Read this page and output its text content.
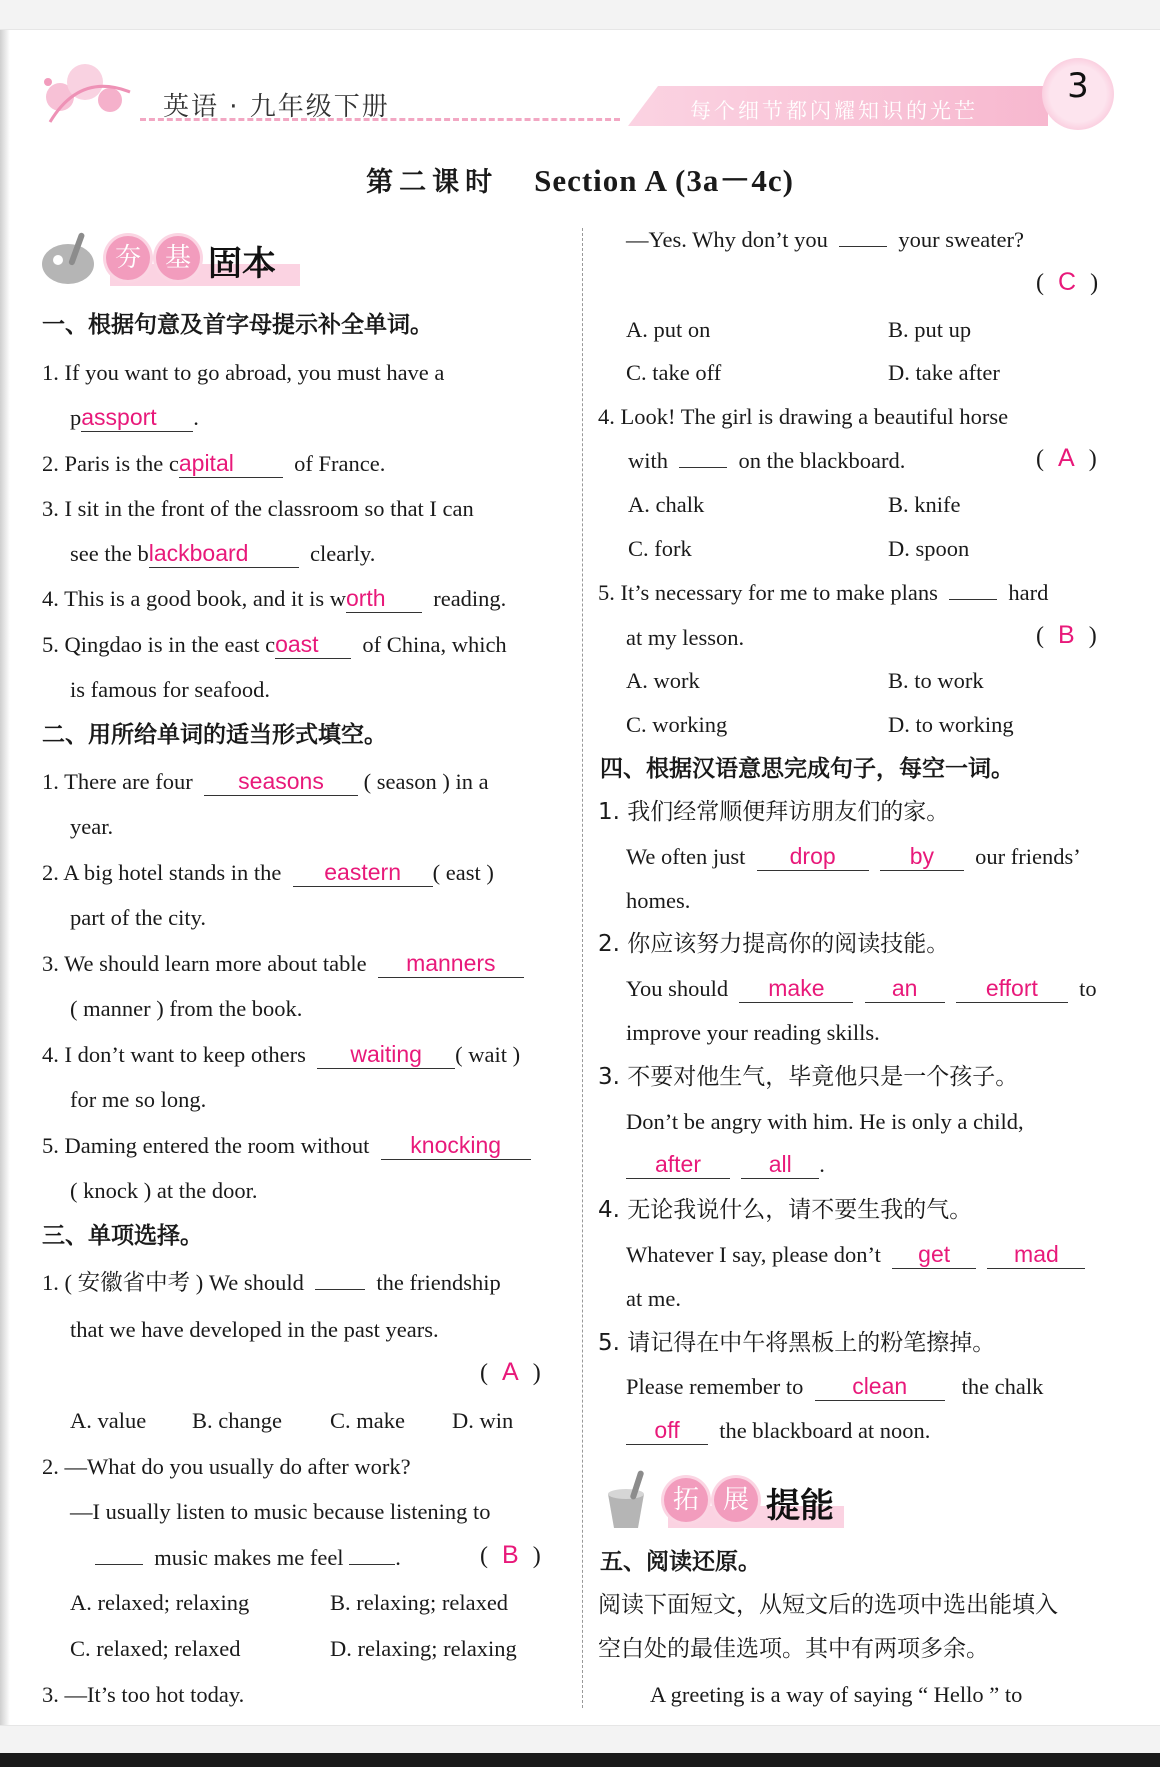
英语 · 九年级下册	每个细节都闪耀知识的光芒
3
第二课时 Section A (3a－4c)
夯 基 固本
一、根据句意及首字母提示补全单词。
1. If you want to go abroad, you must have a
passport .
2. Paris is the capital	of France.
3. I sit in the front of the classroom so that I can
see the blackboard	clearly.
4. This is a good book, and it is worth reading.
5. Qingdao is in the east coast of China, which
is famous for seafood.
二、用所给单词的适当形式填空。
1. There are four seasons ( season ) in a
year.
2. A big hotel stands in the eastern ( east )
part of the city.
3. We should learn more about table manners
( manner ) from the book.
4. I don’t want to keep others waiting ( wait )
for me so long.
5. Daming entered the room without knocking
( knock ) at the door.
三、单项选择。
1. ( 安徽省中考 ) We should	the friendship
that we have developed in the past years.
( A )
A. value B. change C. make D. win
2. —What do you usually do after work?
—I usually listen to music because listening to
music makes me feel .	( B )
A. relaxed; relaxing	B. relaxing; relaxed
C. relaxed; relaxed	D. relaxing; relaxing
3. —It’s too hot today.
—Yes. Why don’t you	your sweater?
( C )
A. put on	B. put up
C. take off	D. take after
4. Look! The girl is drawing a beautiful horse
with	on the blackboard.	( A )
A. chalk	B. knife
C. fork	D. spoon
5. It’s necessary for me to make plans	hard
at my lesson.	( B )
A. work	B. to work
C. working	D. to working
四、根据汉语意思完成句子，每空一词。
1. 我们经常顺便拜访朋友们的家。
We often just drop	by our friends’
homes.
2. 你应该努力提高你的阅读技能。
You should make	an	effort to
improve your reading skills.
3. 不要对他生气，毕竟他只是一个孩子。
Don’t be angry with him. He is only a child,
after	all .
4. 无论我说什么，请不要生我的气。
Whatever I say, please don’t get	mad
at me.
5. 请记得在中午将黑板上的粉笔擦掉。
Please remember to clean the chalk
off the blackboard at noon.
拓 展 提能
五、阅读还原。
阅读下面短文，从短文后的选项中选出能填入
空白处的最佳选项。其中有两项多余。
A greeting is a way of saying “ Hello ” to
